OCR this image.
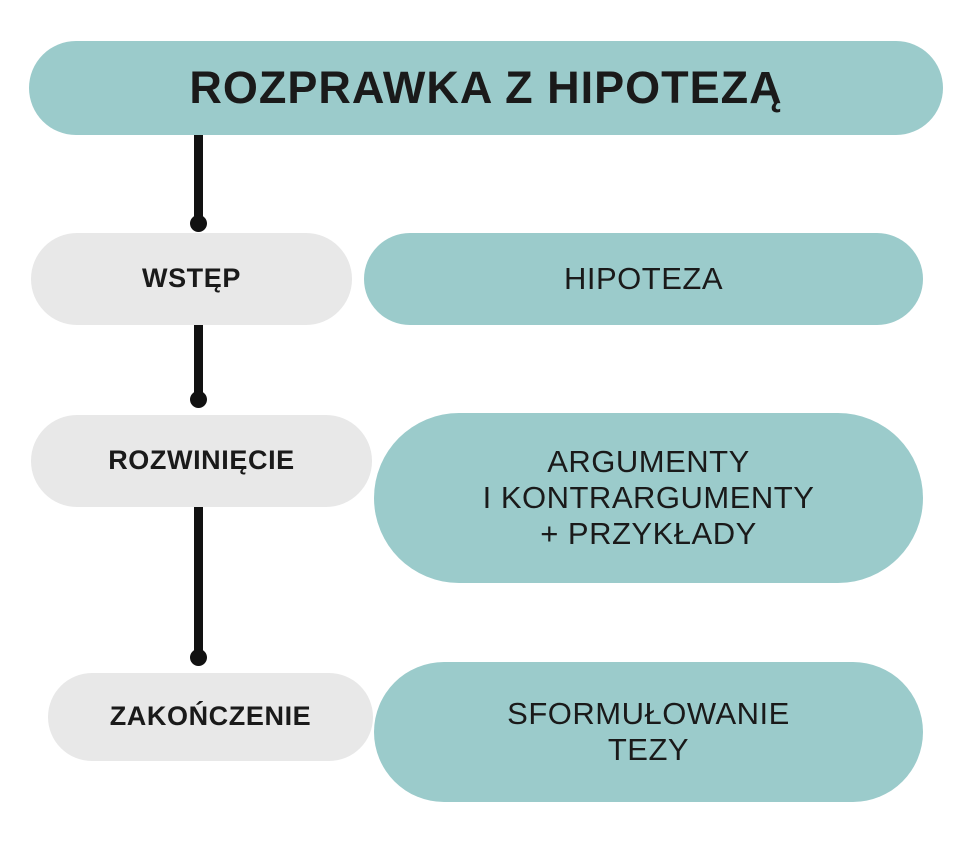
ROZPRAWKA Z HIPOTEZĄ
WSTĘP	HIPOTEZA
ROZWINIĘCIE	ARGUMENTY
I KONTRARGUMENTY
+ PRZYKŁADY
ZAKOŃCZENIE	SFORMUŁOWANIE
TEZY
